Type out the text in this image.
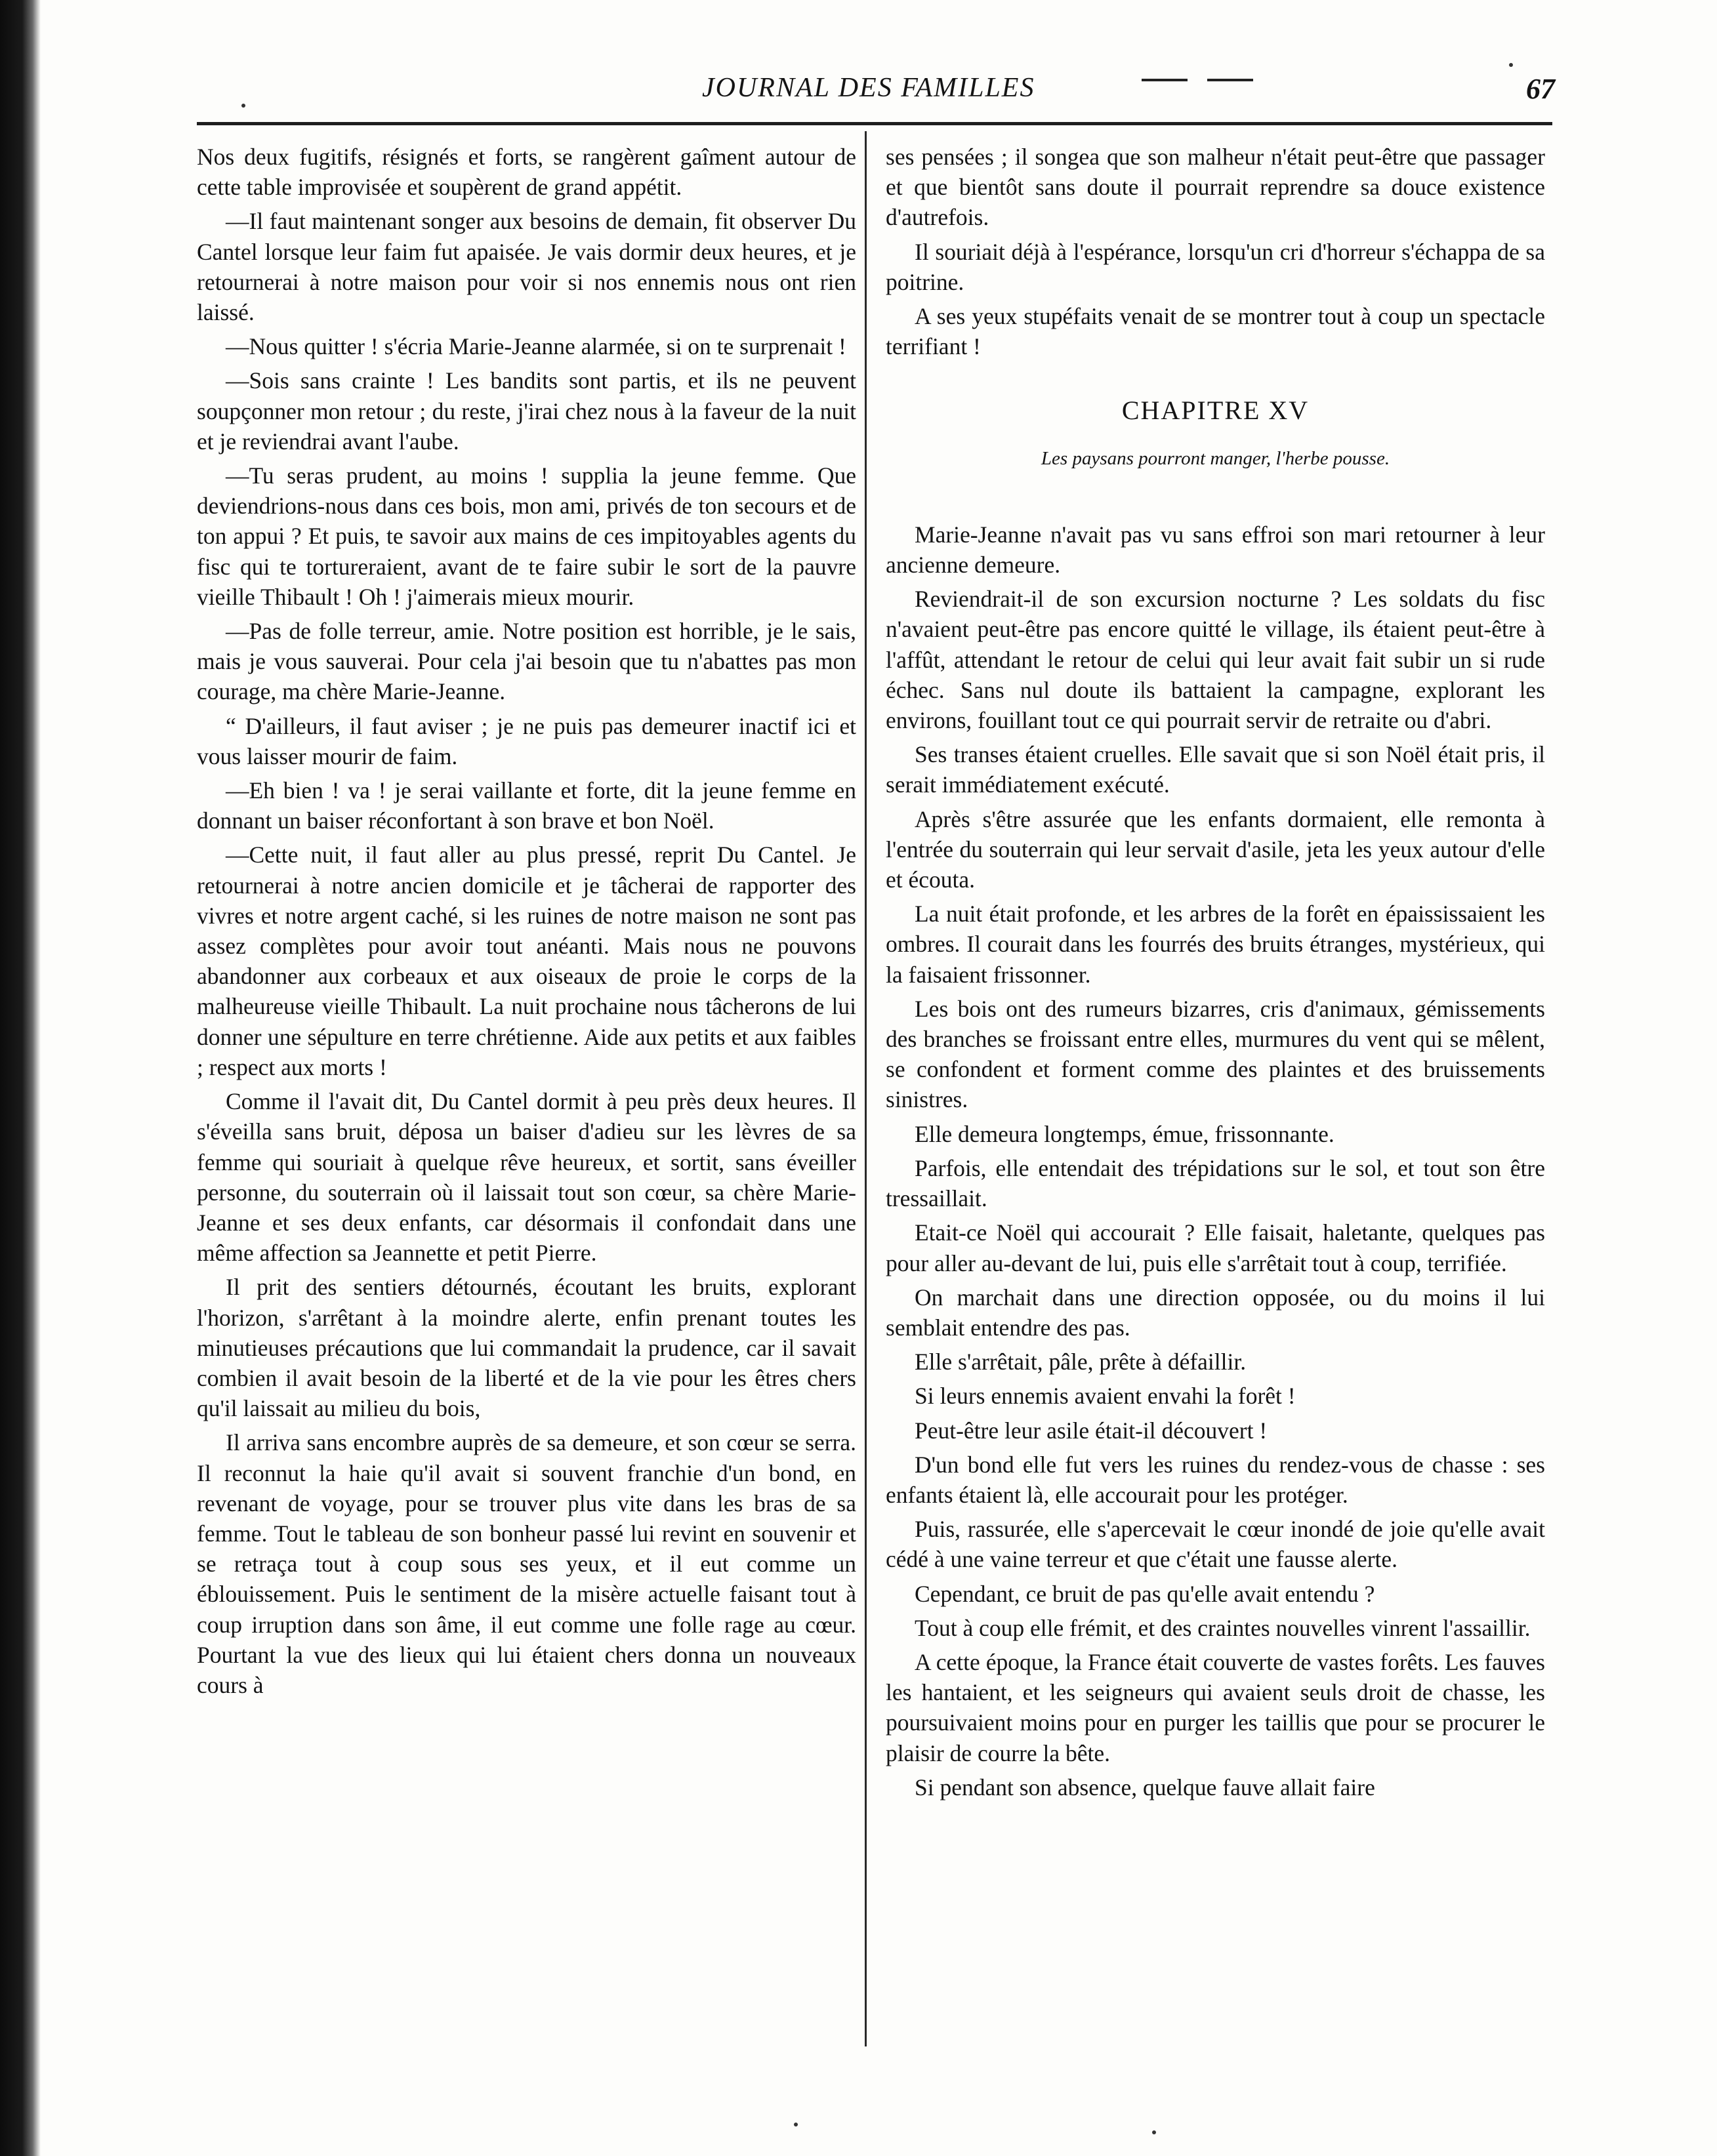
JOURNAL DES FAMILLES	67

Nos deux fugitifs, résignés et forts, se rangèrent gaîment autour de cette table improvisée et soupèrent de grand appétit.

—Il faut maintenant songer aux besoins de demain, fit observer Du Cantel lorsque leur faim fut apaisée. Je vais dormir deux heures, et je retournerai à notre maison pour voir si nos ennemis nous ont rien laissé.

—Nous quitter ! s'écria Marie-Jeanne alarmée, si on te surprenait !

—Sois sans crainte ! Les bandits sont partis, et ils ne peuvent soupçonner mon retour ; du reste, j'irai chez nous à la faveur de la nuit et je reviendrai avant l'aube.

—Tu seras prudent, au moins ! supplia la jeune femme. Que deviendrions-nous dans ces bois, mon ami, privés de ton secours et de ton appui ? Et puis, te savoir aux mains de ces impitoyables agents du fisc qui te tortureraient, avant de te faire subir le sort de la pauvre vieille Thibault ! Oh ! j'aimerais mieux mourir.

—Pas de folle terreur, amie. Notre position est horrible, je le sais, mais je vous sauverai. Pour cela j'ai besoin que tu n'abattes pas mon courage, ma chère Marie-Jeanne.

“ D'ailleurs, il faut aviser ; je ne puis pas demeurer inactif ici et vous laisser mourir de faim.

—Eh bien ! va ! je serai vaillante et forte, dit la jeune femme en donnant un baiser réconfortant à son brave et bon Noël.

—Cette nuit, il faut aller au plus pressé, reprit Du Cantel. Je retournerai à notre ancien domicile et je tâcherai de rapporter des vivres et notre argent caché, si les ruines de notre maison ne sont pas assez complètes pour avoir tout anéanti. Mais nous ne pouvons abandonner aux corbeaux et aux oiseaux de proie le corps de la malheureuse vieille Thibault. La nuit prochaine nous tâcherons de lui donner une sépulture en terre chrétienne. Aide aux petits et aux faibles ; respect aux morts !

Comme il l'avait dit, Du Cantel dormit à peu près deux heures. Il s'éveilla sans bruit, déposa un baiser d'adieu sur les lèvres de sa femme qui souriait à quelque rêve heureux, et sortit, sans éveiller personne, du souterrain où il laissait tout son cœur, sa chère Marie-Jeanne et ses deux enfants, car désormais il confondait dans une même affection sa Jeannette et petit Pierre.

Il prit des sentiers détournés, écoutant les bruits, explorant l'horizon, s'arrêtant à la moindre alerte, enfin prenant toutes les minutieuses précautions que lui commandait la prudence, car il savait combien il avait besoin de la liberté et de la vie pour les êtres chers qu'il laissait au milieu du bois,

Il arriva sans encombre auprès de sa demeure, et son cœur se serra. Il reconnut la haie qu'il avait si souvent franchie d'un bond, en revenant de voyage, pour se trouver plus vite dans les bras de sa femme. Tout le tableau de son bonheur passé lui revint en souvenir et se retraça tout à coup sous ses yeux, et il eut comme un éblouissement. Puis le sentiment de la misère actuelle faisant tout à coup irruption dans son âme, il eut comme une folle rage au cœur. Pourtant la vue des lieux qui lui étaient chers donna un nouveaux cours à

ses pensées ; il songea que son malheur n'était peut-être que passager et que bientôt sans doute il pourrait reprendre sa douce existence d'autrefois.

Il souriait déjà à l'espérance, lorsqu'un cri d'horreur s'échappa de sa poitrine.

A ses yeux stupéfaits venait de se montrer tout à coup un spectacle terrifiant !

CHAPITRE XV
Les paysans pourront manger, l'herbe pousse.

Marie-Jeanne n'avait pas vu sans effroi son mari retourner à leur ancienne demeure.

Reviendrait-il de son excursion nocturne ? Les soldats du fisc n'avaient peut-être pas encore quitté le village, ils étaient peut-être à l'affût, attendant le retour de celui qui leur avait fait subir un si rude échec. Sans nul doute ils battaient la campagne, explorant les environs, fouillant tout ce qui pourrait servir de retraite ou d'abri.

Ses transes étaient cruelles. Elle savait que si son Noël était pris, il serait immédiatement exécuté.

Après s'être assurée que les enfants dormaient, elle remonta à l'entrée du souterrain qui leur servait d'asile, jeta les yeux autour d'elle et écouta.

La nuit était profonde, et les arbres de la forêt en épaississaient les ombres. Il courait dans les fourrés des bruits étranges, mystérieux, qui la faisaient frissonner.

Les bois ont des rumeurs bizarres, cris d'animaux, gémissements des branches se froissant entre elles, murmures du vent qui se mêlent, se confondent et forment comme des plaintes et des bruissements sinistres.

Elle demeura longtemps, émue, frissonnante.

Parfois, elle entendait des trépidations sur le sol, et tout son être tressaillait.

Etait-ce Noël qui accourait ? Elle faisait, haletante, quelques pas pour aller au-devant de lui, puis elle s'arrêtait tout à coup, terrifiée.

On marchait dans une direction opposée, ou du moins il lui semblait entendre des pas.

Elle s'arrêtait, pâle, prête à défaillir.

Si leurs ennemis avaient envahi la forêt !

Peut-être leur asile était-il découvert !

D'un bond elle fut vers les ruines du rendez-vous de chasse : ses enfants étaient là, elle accourait pour les protéger.

Puis, rassurée, elle s'apercevait le cœur inondé de joie qu'elle avait cédé à une vaine terreur et que c'était une fausse alerte.

Cependant, ce bruit de pas qu'elle avait entendu ?

Tout à coup elle frémit, et des craintes nouvelles vinrent l'assaillir.

A cette époque, la France était couverte de vastes forêts. Les fauves les hantaient, et les seigneurs qui avaient seuls droit de chasse, les poursuivaient moins pour en purger les taillis que pour se procurer le plaisir de courre la bête.

Si pendant son absence, quelque fauve allait faire
